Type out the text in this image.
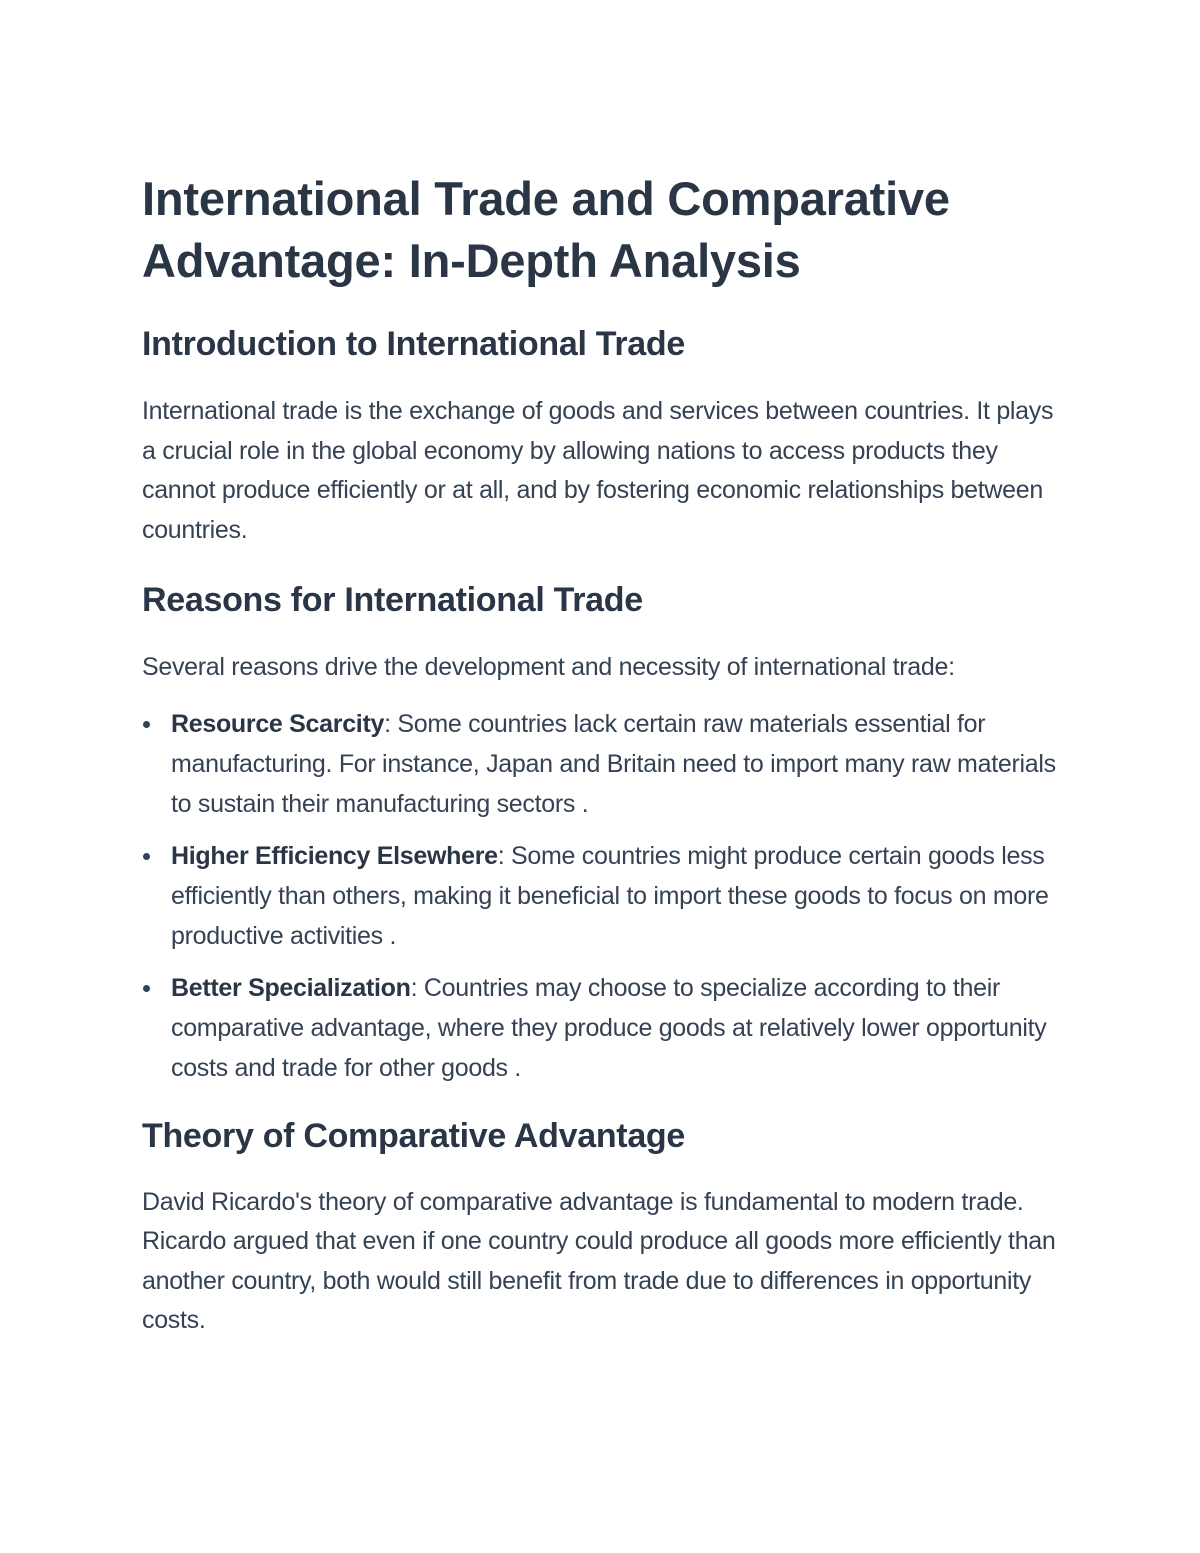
International Trade and Comparative Advantage: In-Depth Analysis
Introduction to International Trade

International trade is the exchange of goods and services between countries. It plays a crucial role in the global economy by allowing nations to access products they cannot produce efficiently or at all, and by fostering economic relationships between countries.

Reasons for International Trade

Several reasons drive the development and necessity of international trade:

Resource Scarcity: Some countries lack certain raw materials essential for manufacturing. For instance, Japan and Britain need to import many raw materials to sustain their manufacturing sectors .
Higher Efficiency Elsewhere: Some countries might produce certain goods less efficiently than others, making it beneficial to import these goods to focus on more productive activities .
Better Specialization: Countries may choose to specialize according to their comparative advantage, where they produce goods at relatively lower opportunity costs and trade for other goods .
Theory of Comparative Advantage

David Ricardo's theory of comparative advantage is fundamental to modern trade. Ricardo argued that even if one country could produce all goods more efficiently than another country, both would still benefit from trade due to differences in opportunity costs.
